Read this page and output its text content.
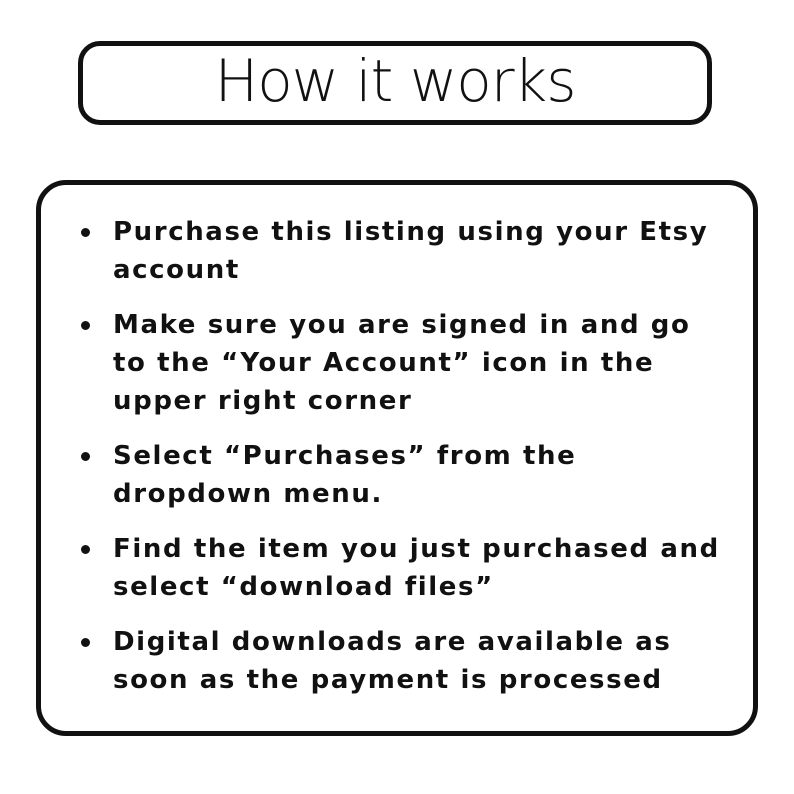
How it works
Purchase this listing using your Etsy account
Make sure you are signed in and go to the “Your Account” icon in the upper right corner
Select “Purchases” from the dropdown menu.
Find the item you just purchased and select “download files”
Digital downloads are available as soon as the payment is processed
